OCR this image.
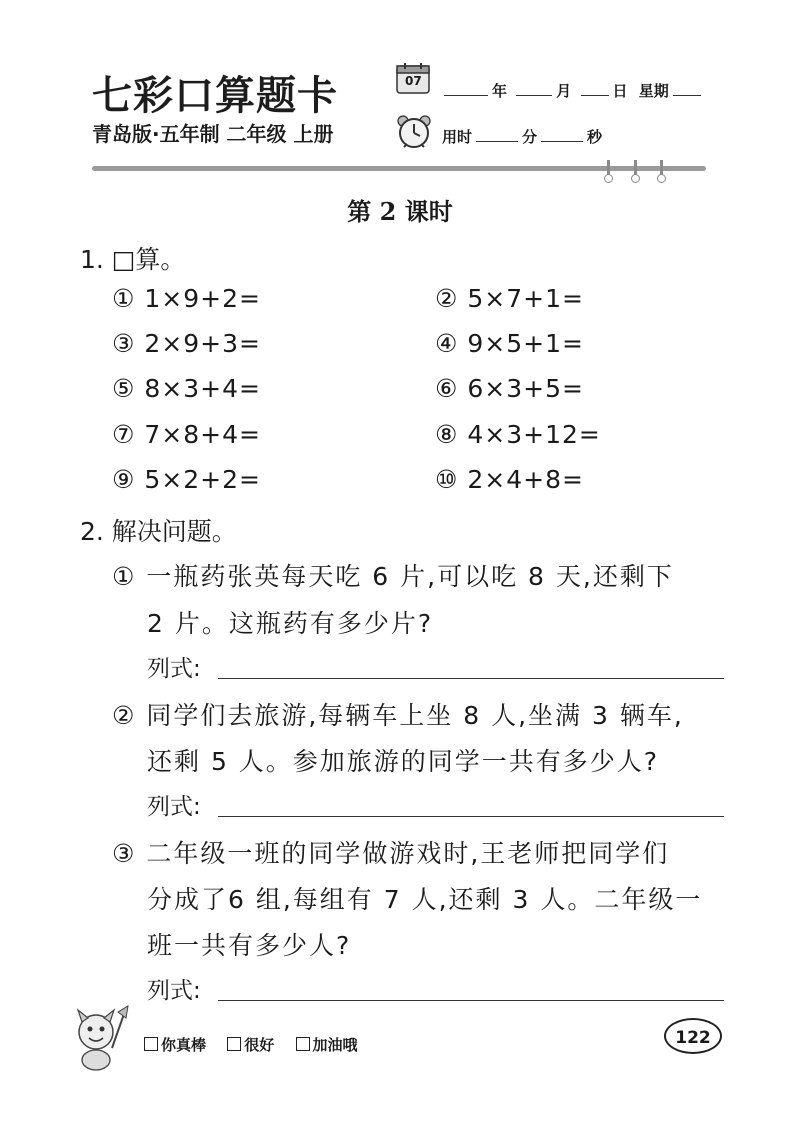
七彩口算题卡
青岛版·五年制 二年级 上册
07
年	月	日 星期
用时	分	秒
第 2 课时
1. □算。
① 1×9+2=	② 5×7+1=
③ 2×9+3=	④ 9×5+1=
⑤ 8×3+4=	⑥ 6×3+5=
⑦ 7×8+4=	⑧ 4×3+12=
⑨ 5×2+2=	⑩ 2×4+8=
2. 解决问题。
① 一瓶药张英每天吃 6 片,可以吃 8 天,还剩下
2 片。这瓶药有多少片?
列式:
② 同学们去旅游,每辆车上坐 8 人,坐满 3 辆车,
还剩 5 人。参加旅游的同学一共有多少人?
列式:
③ 二年级一班的同学做游戏时,王老师把同学们
分成了6 组,每组有 7 人,还剩 3 人。二年级一
班一共有多少人?
列式:
你真棒	很好	加油哦	122
